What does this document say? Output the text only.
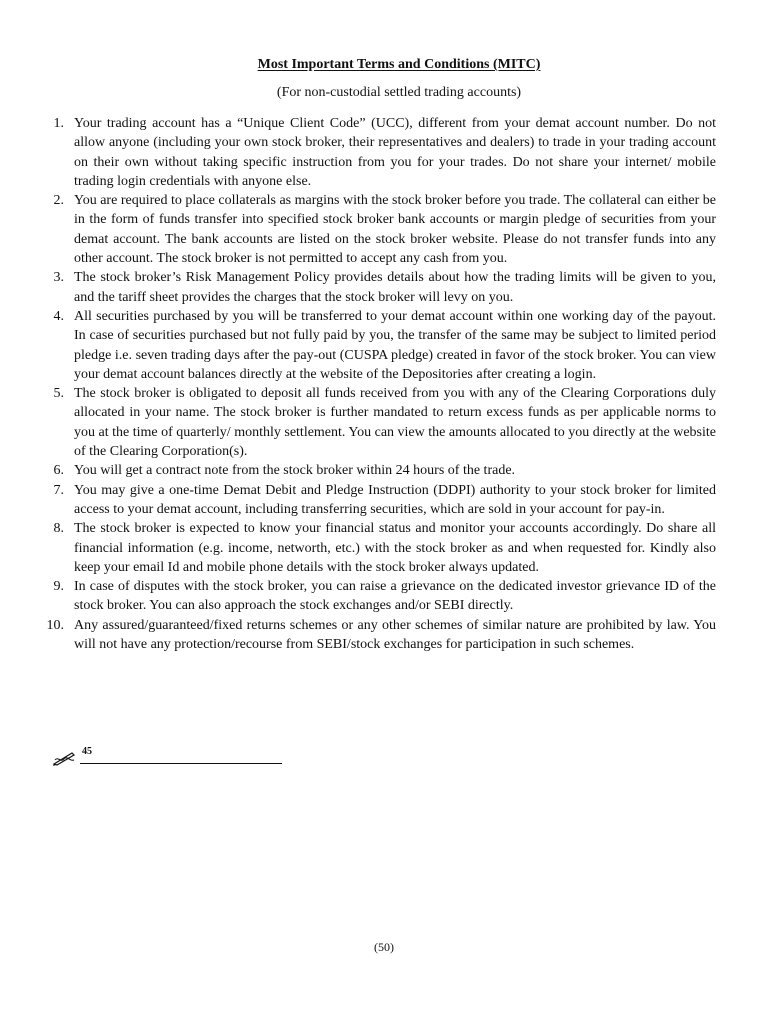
Most Important Terms and Conditions (MITC)
(For non-custodial settled trading accounts)
1. Your trading account has a “Unique Client Code” (UCC), different from your demat account number. Do not allow anyone (including your own stock broker, their representatives and dealers) to trade in your trading account on their own without taking specific instruction from you for your trades. Do not share your internet/ mobile trading login credentials with anyone else.
2. You are required to place collaterals as margins with the stock broker before you trade. The collateral can either be in the form of funds transfer into specified stock broker bank accounts or margin pledge of securities from your demat account. The bank accounts are listed on the stock broker website. Please do not transfer funds into any other account. The stock broker is not permitted to accept any cash from you.
3. The stock broker’s Risk Management Policy provides details about how the trading limits will be given to you, and the tariff sheet provides the charges that the stock broker will levy on you.
4. All securities purchased by you will be transferred to your demat account within one working day of the payout. In case of securities purchased but not fully paid by you, the transfer of the same may be subject to limited period pledge i.e. seven trading days after the pay-out (CUSPA pledge) created in favor of the stock broker. You can view your demat account balances directly at the website of the Depositories after creating a login.
5. The stock broker is obligated to deposit all funds received from you with any of the Clearing Corporations duly allocated in your name. The stock broker is further mandated to return excess funds as per applicable norms to you at the time of quarterly/ monthly settlement. You can view the amounts allocated to you directly at the website of the Clearing Corporation(s).
6. You will get a contract note from the stock broker within 24 hours of the trade.
7. You may give a one-time Demat Debit and Pledge Instruction (DDPI) authority to your stock broker for limited access to your demat account, including transferring securities, which are sold in your account for pay-in.
8. The stock broker is expected to know your financial status and monitor your accounts accordingly. Do share all financial information (e.g. income, networth, etc.) with the stock broker as and when requested for. Kindly also keep your email Id and mobile phone details with the stock broker always updated.
9. In case of disputes with the stock broker, you can raise a grievance on the dedicated investor grievance ID of the stock broker. You can also approach the stock exchanges and/or SEBI directly.
10. Any assured/guaranteed/fixed returns schemes or any other schemes of similar nature are prohibited by law. You will not have any protection/recourse from SEBI/stock exchanges for participation in such schemes.
45
(50)
